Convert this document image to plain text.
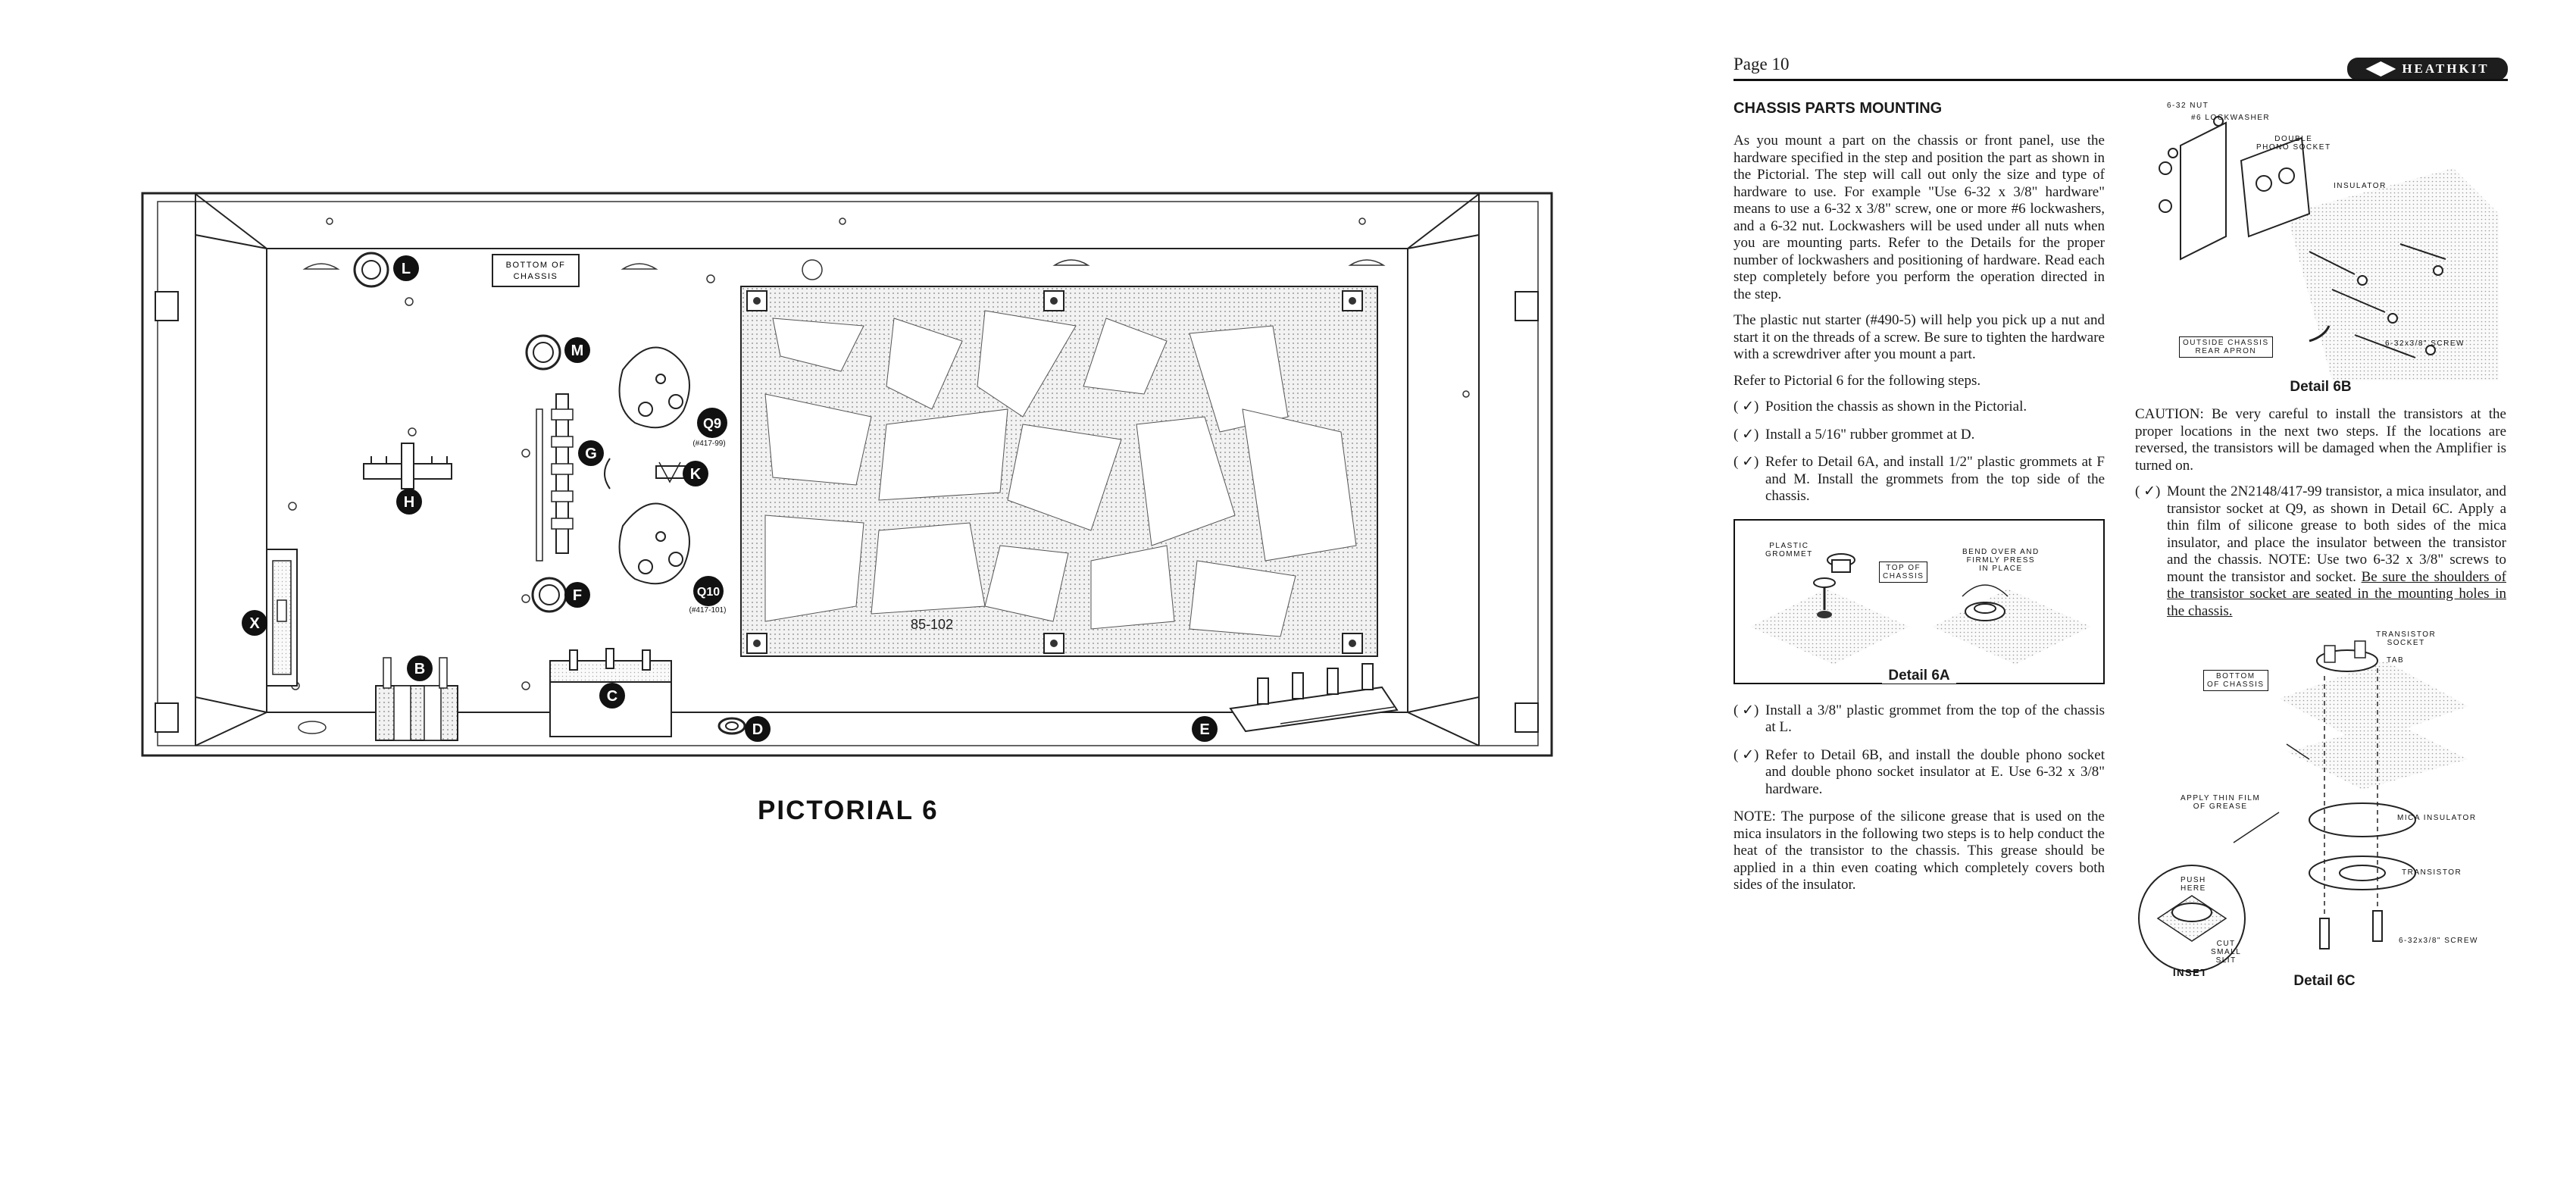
BOTTOM OF
CHASSIS
85-102
L
M
Q9
(#417-99)
G
K
H
F	Q10
(#417-101)
X
B
C
D	E
PICTORIAL 6
Page 10	HEATHKIT
CHASSIS PARTS MOUNTING

As you mount a part on the chassis or front panel, use the hardware specified in the step and position the part as shown in the Pictorial. The step will call out only the size and type of hardware to use. For example "Use 6-32 x 3/8" hardware" means to use a 6-32 x 3/8" screw, one or more #6 lockwashers, and a 6-32 nut. Lockwashers will be used under all nuts when you are mounting parts. Refer to the Details for the proper number of lockwashers and positioning of hardware. Read each step completely before you perform the operation directed in the step.

The plastic nut starter (#490-5) will help you pick up a nut and start it on the threads of a screw. Be sure to tighten the hardware with a screwdriver after you mount a part.

Refer to Pictorial 6 for the following steps.

( ✓) Position the chassis as shown in the Pictorial.
( ✓) Install a 5/16" rubber grommet at D.
( ✓) Refer to Detail 6A, and install 1/2" plastic grommets at F and M. Install the grommets from the top side of the chassis.
PLASTIC
GROMMET
TOP OF
CHASSIS
BEND OVER AND
FIRMLY PRESS
IN PLACE
Detail 6A
( ✓) Install a 3/8" plastic grommet from the top of the chassis at L.
( ✓) Refer to Detail 6B, and install the double phono socket and double phono socket insulator at E. Use 6-32 x 3/8" hardware.

NOTE: The purpose of the silicone grease that is used on the mica insulators in the following two steps is to help conduct the heat of the transistor to the chassis. This grease should be applied in a thin even coating which completely covers both sides of the insulator.

6-32 NUT
#6 LOCKWASHER
DOUBLE
PHONO SOCKET
INSULATOR
OUTSIDE CHASSIS
REAR APRON
6-32x3/8" SCREW
Detail 6B

CAUTION: Be very careful to install the transistors at the proper locations in the next two steps. If the locations are reversed, the transistors will be damaged when the Amplifier is turned on.

( ✓) Mount the 2N2148/417-99 transistor, a mica insulator, and transistor socket at Q9, as shown in Detail 6C. Apply a thin film of silicone grease to both sides of the mica insulator, and place the insulator between the transistor and the chassis. NOTE: Use two 6-32 x 3/8" screws to mount the transistor and socket. Be sure the shoulders of the transistor socket are seated in the mounting holes in the chassis.
TRANSISTOR
SOCKET
TAB
BOTTOM
OF CHASSIS
APPLY THIN FILM
OF GREASE
MICA INSULATOR
TRANSISTOR
6-32x3/8" SCREW
PUSH
HERE
CUT
SMALL
SLIT
INSET
Detail 6C
